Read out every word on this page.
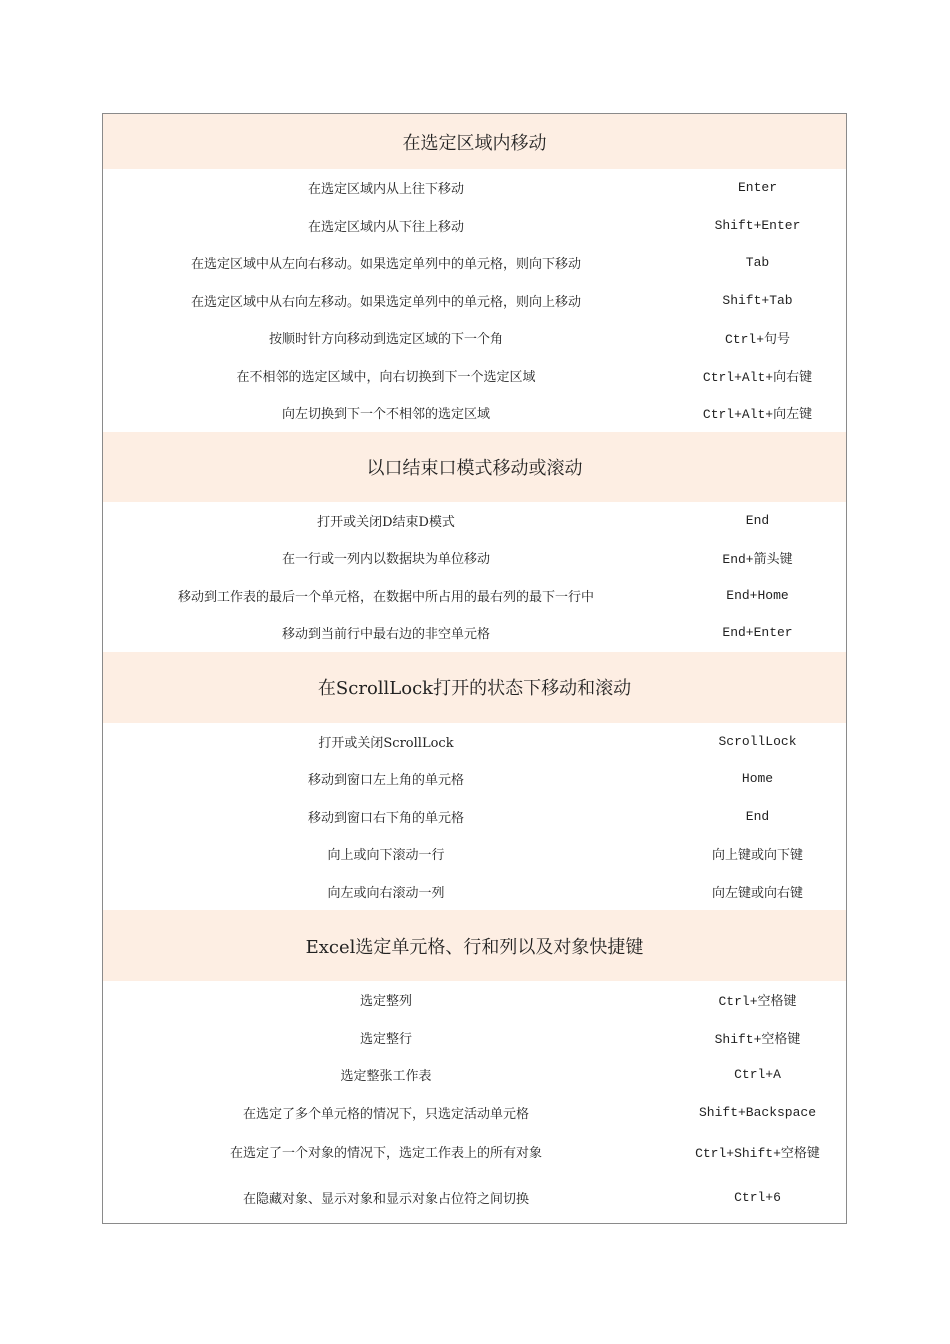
在选定区域内移动
在选定区域内从上往下移动	Enter
在选定区域内从下往上移动	Shift+Enter
在选定区域中从左向右移动。如果选定单列中的单元格，则向下移动	Tab
在选定区域中从右向左移动。如果选定单列中的单元格，则向上移动	Shift+Tab
按顺时针方向移动到选定区域的下一个角	Ctrl+句号
在不相邻的选定区域中，向右切换到下一个选定区域	Ctrl+Alt+向右键
向左切换到下一个不相邻的选定区域	Ctrl+Alt+向左键
以口结束口模式移动或滚动
打开或关闭D结束D模式	End
在一行或一列内以数据块为单位移动	End+箭头键
移动到工作表的最后一个单元格，在数据中所占用的最右列的最下一行中	End+Home
移动到当前行中最右边的非空单元格	End+Enter
在ScrollLock打开的状态下移动和滚动
打开或关闭ScrollLock	ScrollLock
移动到窗口左上角的单元格	Home
移动到窗口右下角的单元格	End
向上或向下滚动一行	向上键或向下键
向左或向右滚动一列	向左键或向右键
Excel选定单元格、行和列以及对象快捷键
选定整列	Ctrl+空格键
选定整行	Shift+空格键
选定整张工作表	Ctrl+A
在选定了多个单元格的情况下，只选定活动单元格	Shift+Backspace
在选定了一个对象的情况下，选定工作表上的所有对象	Ctrl+Shift+空格键
在隐藏对象、显示对象和显示对象占位符之间切换	Ctrl+6
